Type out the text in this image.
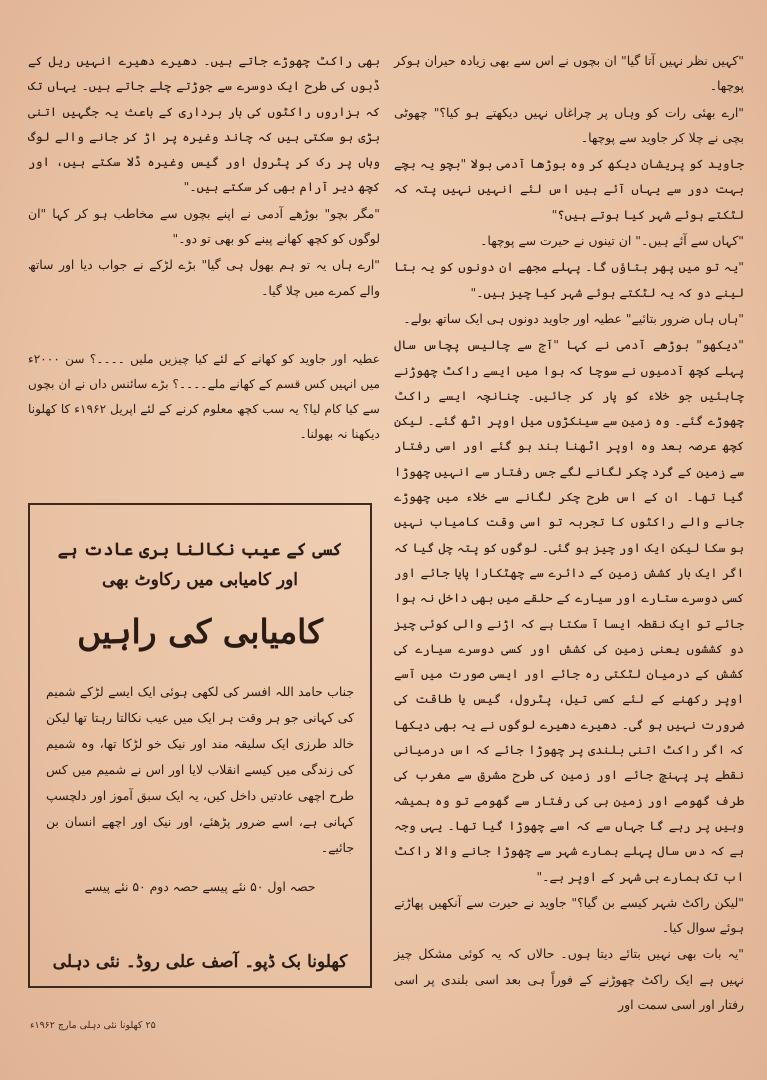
"کہیں نظر نہیں آتا گیا" ان بچوں نے اس سے بھی زیادہ حیران ہوکر پوچھا۔

"ارے بھئی رات کو وہاں پر چراغاں نہیں دیکھتے ہو کیا؟" چھوٹی بچی نے چلا کر جاوید سے پوچھا۔

جاوید کو پریشان دیکھ کر وہ بوڑھا آدمی بولا "بچو یہ بچے بہت دور سے یہاں آئے ہیں اس لئے انہیں نہیں پتہ کہ لٹکتے ہوئے شہر کیا ہوتے ہیں؟"

"کہاں سے آئے ہیں۔" ان تینوں نے حیرت سے پوچھا۔

"یہ تو میں پھر بتاؤں گا۔ پہلے مجھے ان دونوں کو یہ بتا لینے دو کہ یہ لٹکتے ہوئے شہر کیا چیز ہیں۔"

"ہاں ہاں ضرور بتائیے" عطیہ اور جاوید دونوں ہی ایک ساتھ بولے۔

"دیکھو" بوڑھے آدمی نے کہا "آج سے چالیس پچاس سال پہلے کچھ آدمیوں نے سوچا کہ ہوا میں ایسے راکٹ چھوڑنے چاہئیں جو خلاء کو پار کر جائیں۔ چنانچہ ایسے راکٹ چھوڑے گئے۔ وہ زمین سے سینکڑوں میل اوپر اٹھ گئے۔ لیکن کچھ عرصہ بعد وہ اوپر اٹھنا بند ہو گئے اور اسی رفتار سے زمین کے گرد چکر لگانے لگے جس رفتار سے انہیں چھوڑا گیا تھا۔ ان کے اس طرح چکر لگانے سے خلاء میں چھوڑے جانے والے راکٹوں کا تجربہ تو اسی وقت کامیاب نہیں ہو سکا لیکن ایک اور چیز ہو گئی۔ لوگوں کو پتہ چل گیا کہ اگر ایک بار کشش زمین کے دائرے سے چھٹکارا پایا جائے اور کسی دوسرے ستارے اور سیارے کے حلقے میں بھی داخل نہ ہوا جائے تو ایک نقطہ ایسا آ سکتا ہے کہ اڑنے والی کوئی چیز دو کششوں یعنی زمین کی کشش اور کسی دوسرے سیارے کی کشش کے درمیان لٹکتی رہ جائے اور ایسی صورت میں آسے اوپر رکھنے کے لئے کسی تیل، پٹرول، گیس یا طاقت کی ضرورت نہیں ہو گی۔ دھیرے دھیرے لوگوں نے یہ بھی دیکھا کہ اگر راکٹ اتنی بلندی پر چھوڑا جائے کہ اس درمیانی نقطے پر پہنچ جائے اور زمین کی طرح مشرق سے مغرب کی طرف گھومے اور زمین ہی کی رفتار سے گھومے تو وہ ہمیشہ وہیں پر رہے گا جہاں سے کہ اسے چھوڑا گیا تھا۔ یہی وجہ ہے کہ دس سال پہلے ہمارے شہر سے چھوڑا جانے والا راکٹ اب تک ہمارے ہی شہر کے اوپر ہے۔"

"لیکن راکٹ شہر کیسے بن گیا؟" جاوید نے حیرت سے آنکھیں پھاڑتے ہوئے سوال کیا۔

"یہ بات بھی نہیں بتائے دیتا ہوں۔ حالاں کہ یہ کوئی مشکل چیز نہیں ہے ایک راکٹ چھوڑنے کے فوراً ہی بعد اسی بلندی پر اسی رفتار اور اسی سمت اور

بھی راکٹ چھوڑے جاتے ہیں۔ دھیرے دھیرے انہیں ریل کے ڈبوں کی طرح ایک دوسرے سے جوڑتے چلے جاتے ہیں۔ یہاں تک کہ ہزاروں راکٹوں کی بار برداری کے باعث یہ جگہیں اتنی بڑی ہو سکتی ہیں کہ چاند وغیرہ پر اڑ کر جانے والے لوگ وہاں پر رک کر پٹرول اور گیس وغیرہ ڈلا سکتے ہیں، اور کچھ دیر آرام بھی کر سکتے ہیں۔"

"مگر بچو" بوڑھے آدمی نے اپنے بچوں سے مخاطب ہو کر کہا "ان لوگوں کو کچھ کھانے پینے کو بھی تو دو۔"

"ارے ہاں یہ تو ہم بھول ہی گیا" بڑے لڑکے نے جواب دیا اور ساتھ والے کمرے میں چلا گیا۔

عطیہ اور جاوید کو کھانے کے لئے کیا چیزیں ملیں ۔۔۔۔؟ سن ۲۰۰۰ء میں انہیں کس قسم کے کھانے ملے۔۔۔۔؟ بڑے سائنس داں نے ان بچوں سے کیا کام لیا؟ یہ سب کچھ معلوم کرنے کے لئے اپریل ۱۹۶۲ء کا کھلونا دیکھنا نہ بھولنا۔

کسی کے عیب نکالنا بری عادت ہے
اور کامیابی میں رکاوٹ بھی
کامیابی کی راہیں
جناب حامد اللہ افسر کی لکھی ہوئی ایک ایسے لڑکے شمیم کی کہانی جو ہر وقت ہر ایک میں عیب نکالتا رہتا تھا لیکن خالد طرزی ایک سلیقہ مند اور نیک خو لڑکا تھا، وہ شمیم کی زندگی میں کیسے انقلاب لایا اور اس نے شمیم میں کس طرح اچھی عادتیں داخل کیں، یہ ایک سبق آموز اور دلچسپ کہانی ہے، اسے ضرور پڑھئے، اور نیک اور اچھے انسان بن جائیے۔
حصہ اول ۵۰ نئے پیسے حصہ دوم ۵۰ نئے پیسے
کھلونا بک ڈپو۔ آصف علی روڈ۔ نئی دہلی
۲۵ کھلونا نئی دہلی مارچ ۱۹۶۲ء
